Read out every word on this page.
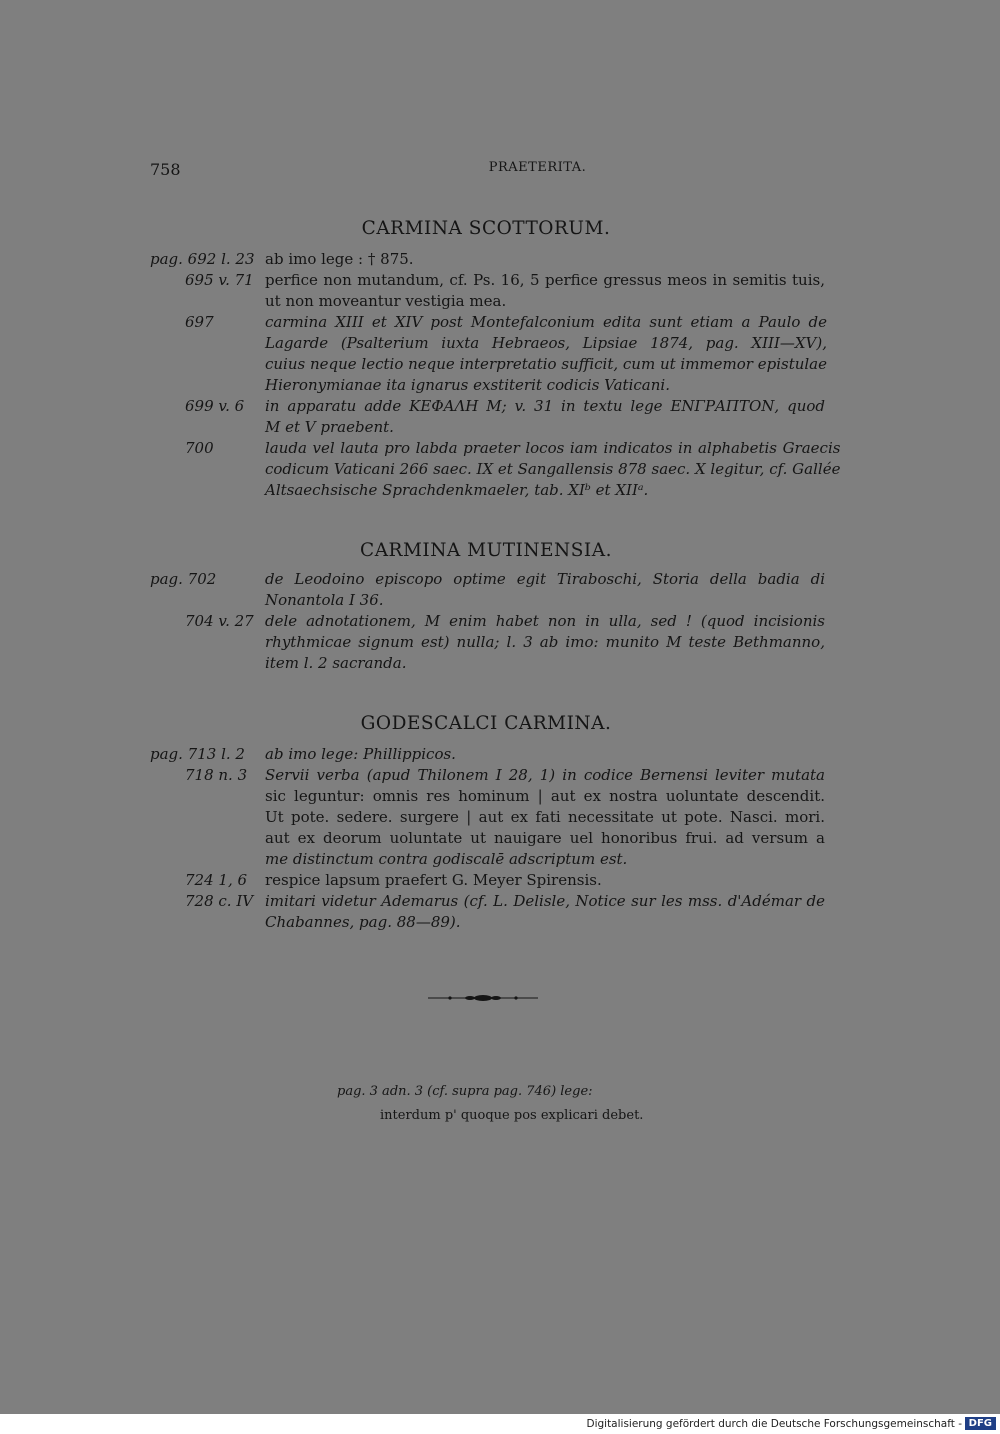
758	PRAETERITA.
CARMINA SCOTTORUM.
pag. 692 l. 23 ab imo lege : † 875.
695 v. 71 perfice non mutandum, cf. Ps. 16, 5 perfice gressus meos in semitis tuis,
ut non moveantur vestigia mea.
697	carmina XIII et XIV post Montefalconium edita sunt etiam a Paulo de
Lagarde (Psalterium iuxta Hebraeos, Lipsiae 1874, pag. XIII—XV),
cuius neque lectio neque interpretatio sufficit, cum ut immemor epistulae
Hieronymianae ita ignarus exstiterit codicis Vaticani.
699 v. 6	in apparatu adde ΚΕΦΑΛΗ Μ; v. 31 in textu lege ΕΝΓΡΑΠΤΟΝ, quod
M et V praebent.
700	lauda vel lauta pro labda praeter locos iam indicatos in alphabetis Graecis
codicum Vaticani 266 saec. IX et Sangallensis 878 saec. X legitur, cf. Gallée
Altsaechsische Sprachdenkmaeler, tab. XIᵇ et XIIᵃ.
CARMINA MUTINENSIA.
pag. 702	de Leodoino episcopo optime egit Tiraboschi, Storia della badia di
Nonantola I 36.
704 v. 27 dele adnotationem, M enim habet non in ulla, sed ! (quod incisionis
rhythmicae signum est) nulla; l. 3 ab imo: munito M teste Bethmanno,
item l. 2 sacranda.
GODESCALCI CARMINA.
pag. 713 l. 2	ab imo lege: Phillippicos.
718 n. 3	Servii verba (apud Thilonem I 28, 1) in codice Bernensi leviter mutata
sic leguntur: omnis res hominum | aut ex nostra uoluntate descendit.
Ut pote. sedere. surgere | aut ex fati necessitate ut pote. Nasci. mori.
aut ex deorum uoluntate ut nauigare uel honoribus frui. ad versum a
me distinctum contra godiscalē adscriptum est.
724 1, 6	respice lapsum praefert G. Meyer Spirensis.
728 c. IV imitari videtur Ademarus (cf. L. Delisle, Notice sur les mss. d'Adémar de
Chabannes, pag. 88—89).
pag. 3 adn. 3 (cf. supra pag. 746) lege:
interdum p' quoque pos explicari debet.
Digitalisierung gefördert durch die Deutsche Forschungsgemeinschaft - DFG
